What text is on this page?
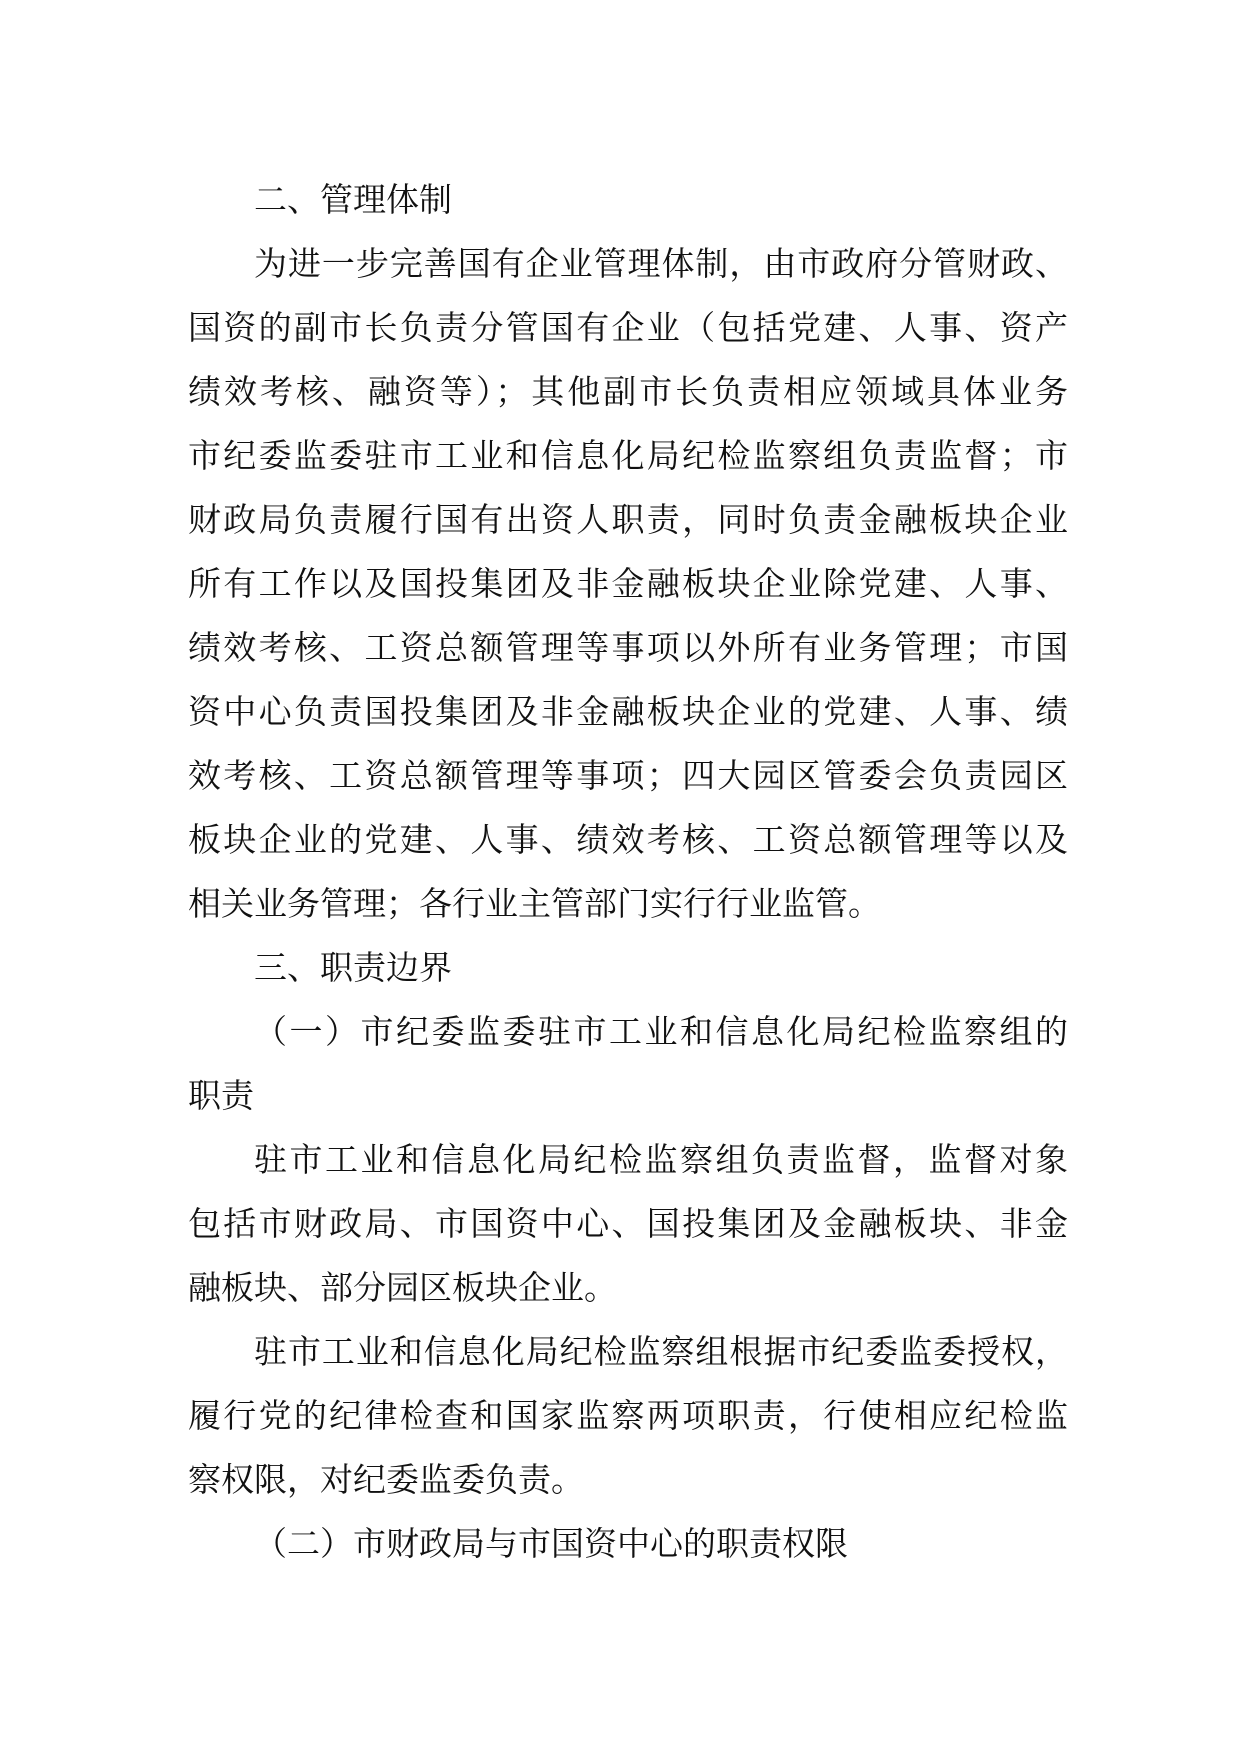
二、管理体制
为进一步完善国有企业管理体制，由市政府分管财政、
国资的副市长负责分管国有企业（包括党建、人事、资产
绩效考核、融资等）；其他副市长负责相应领域具体业务
市纪委监委驻市工业和信息化局纪检监察组负责监督；市
财政局负责履行国有出资人职责，同时负责金融板块企业
所有工作以及国投集团及非金融板块企业除党建、人事、
绩效考核、工资总额管理等事项以外所有业务管理；市国
资中心负责国投集团及非金融板块企业的党建、人事、绩
效考核、工资总额管理等事项；四大园区管委会负责园区
板块企业的党建、人事、绩效考核、工资总额管理等以及
相关业务管理；各行业主管部门实行行业监管。
三、职责边界
（一）市纪委监委驻市工业和信息化局纪检监察组的
职责
驻市工业和信息化局纪检监察组负责监督，监督对象
包括市财政局、市国资中心、国投集团及金融板块、非金
融板块、部分园区板块企业。
驻市工业和信息化局纪检监察组根据市纪委监委授权，
履行党的纪律检查和国家监察两项职责，行使相应纪检监
察权限，对纪委监委负责。
（二）市财政局与市国资中心的职责权限
